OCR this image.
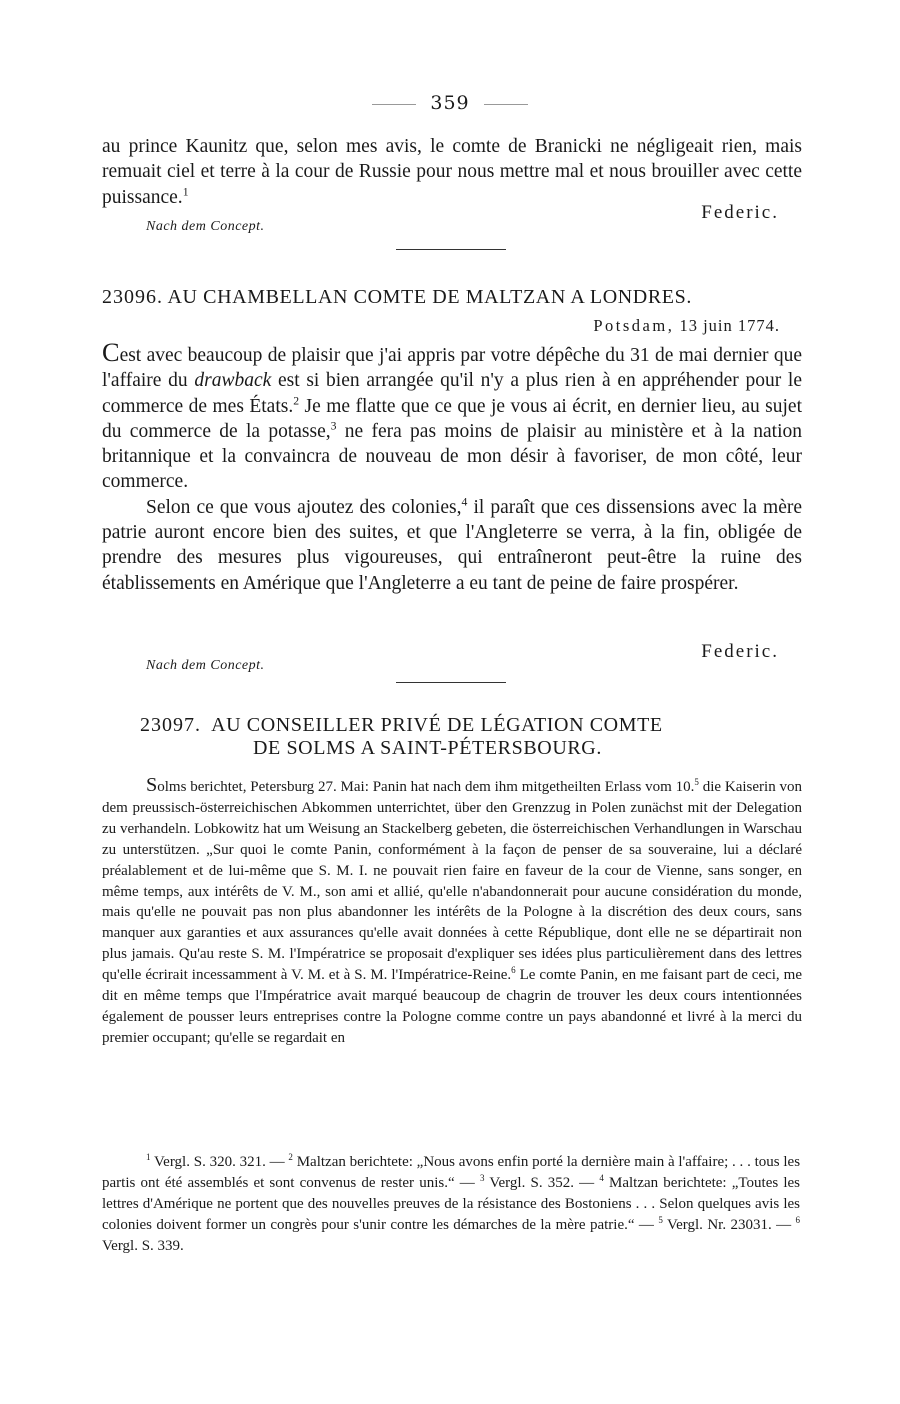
359

au prince Kaunitz que, selon mes avis, le comte de Branicki ne négligeait rien, mais remuait ciel et terre à la cour de Russie pour nous mettre mal et nous brouiller avec cette puissance.$^1$

Federic.
Nach dem Concept.
23096. AU CHAMBELLAN COMTE DE MALTZAN A LONDRES.
Potsdam, 13 juin 1774.

Cest avec beaucoup de plaisir que j'ai appris par votre dépêche du 31 de mai dernier que l'affaire du drawback est si bien arrangée qu'il n'y a plus rien à en appréhender pour le commerce de mes États.$^2$ Je me flatte que ce que je vous ai écrit, en dernier lieu, au sujet du commerce de la potasse,$^3$ ne fera pas moins de plaisir au ministère et à la nation britannique et la convaincra de nouveau de mon désir à favoriser, de mon côté, leur commerce.

Selon ce que vous ajoutez des colonies,$^4$ il paraît que ces dissensions avec la mère patrie auront encore bien des suites, et que l'Angleterre se verra, à la fin, obligée de prendre des mesures plus vigoureuses, qui entraîneront peut-être la ruine des établissements en Amérique que l'Angleterre a eu tant de peine de faire prospérer.

Federic.
Nach dem Concept.
23097. AU CONSEILLER PRIVÉ DE LÉGATION COMTE
DE SOLMS A SAINT-PÉTERSBOURG.

Solms berichtet, Petersburg 27. Mai: Panin hat nach dem ihm mitgetheilten Erlass vom 10.$^5$ die Kaiserin von dem preussisch-österreichischen Abkommen unterrichtet, über den Grenzzug in Polen zunächst mit der Delegation zu verhandeln. Lobkowitz hat um Weisung an Stackelberg gebeten, die österreichischen Verhandlungen in Warschau zu unterstützen. „Sur quoi le comte Panin, conformément à la façon de penser de sa souveraine, lui a déclaré préalablement et de lui-même que S. M. I. ne pouvait rien faire en faveur de la cour de Vienne, sans songer, en même temps, aux intérêts de V. M., son ami et allié, qu'elle n'abandonnerait pour aucune considération du monde, mais qu'elle ne pouvait pas non plus abandonner les intérêts de la Pologne à la discrétion des deux cours, sans manquer aux garanties et aux assurances qu'elle avait données à cette République, dont elle ne se départirait non plus jamais. Qu'au reste S. M. l'Impératrice se proposait d'expliquer ses idées plus particulièrement dans des lettres qu'elle écrirait incessamment à V. M. et à S. M. l'Impératrice-Reine.$^6$ Le comte Panin, en me faisant part de ceci, me dit en même temps que l'Impératrice avait marqué beaucoup de chagrin de trouver les deux cours intentionnées également de pousser leurs entreprises contre la Pologne comme contre un pays abandonné et livré à la merci du premier occupant; qu'elle se regardait en

$^1$ Vergl. S. 320. 321. — $^2$ Maltzan berichtete: „Nous avons enfin porté la dernière main à l'affaire; . . . tous les partis ont été assemblés et sont convenus de rester unis.“ — $^3$ Vergl. S. 352. — $^4$ Maltzan berichtete: „Toutes les lettres d'Amérique ne portent que des nouvelles preuves de la résistance des Bostoniens . . . Selon quelques avis les colonies doivent former un congrès pour s'unir contre les démarches de la mère patrie.“ — $^5$ Vergl. Nr. 23031. — $^6$ Vergl. S. 339.
